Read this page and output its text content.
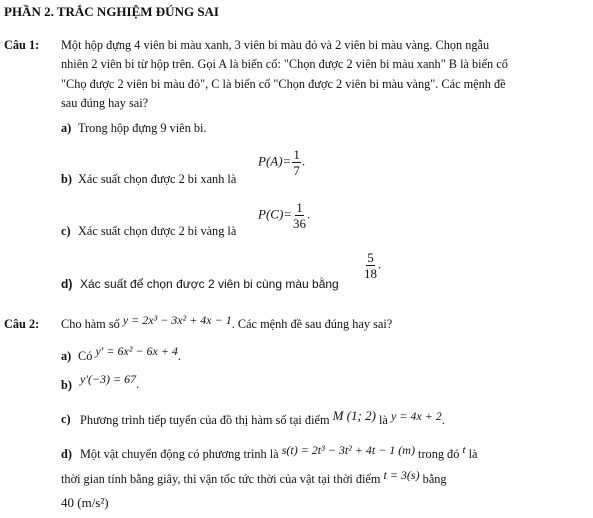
PHẦN 2. TRẮC NGHIỆM ĐÚNG SAI
Câu 1: Một hộp đựng 4 viên bi màu xanh, 3 viên bi màu đỏ và 2 viên bi màu vàng. Chọn ngẫu
nhiên 2 viên bi từ hộp trên. Gọi A là biến cố: "Chọn được 2 viên bi màu xanh" B là biến cố
"Chọ được 2 viên bi màu đỏ", C là biến cố "Chọn được 2 viên bi màu vàng". Các mệnh đề
sau đúng hay sai?
a) Trong hộp đựng 9 viên bi.
b) Xác suất chọn được 2 bi xanh là
$P(A)= \frac{1}{7}$ .
c) Xác suất chọn được 2 bi vàng là
$P(C)= \frac{1}{36}$ .
d) Xác suất để chọn được 2 viên bi cùng màu bằng
$\frac{5}{18}$ .
Câu 2: Cho hàm số y = 2x³ − 3x² + 4x − 1. Các mệnh đề sau đúng hay sai?
a) Có y′ = 6x² − 6x + 4.
b) y′(−3) = 67.
c) Phương trình tiếp tuyến của đồ thị hàm số tại điểm M (1; 2) là y = 4x + 2.
d) Một vật chuyển động có phương trình là s(t) = 2t³ − 3t² + 4t − 1 (m) trong đó t là
thời gian tính bằng giây, thì vận tốc tức thời của vật tại thời điểm t = 3(s) bằng
40 (m/s²)
